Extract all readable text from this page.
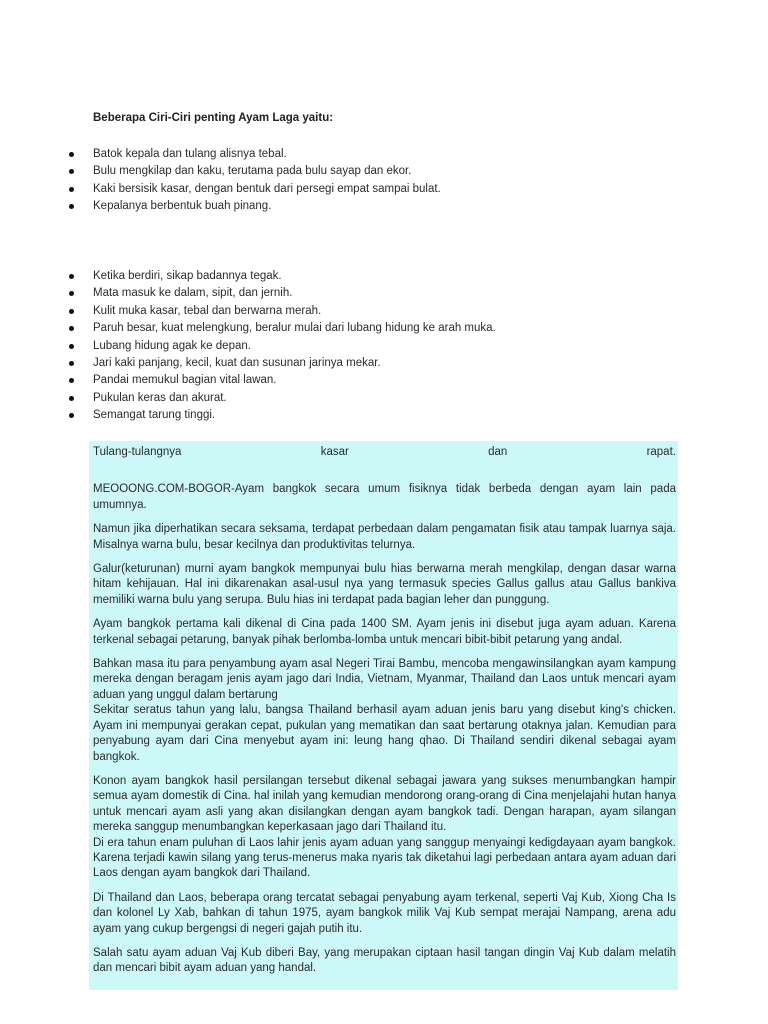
Beberapa Ciri-Ciri penting Ayam Laga yaitu:
Batok kepala dan tulang alisnya tebal.
Bulu mengkilap dan kaku, terutama pada bulu sayap dan ekor.
Kaki bersisik kasar, dengan bentuk dari persegi empat sampai bulat.
Kepalanya berbentuk buah pinang.
Ketika berdiri, sikap badannya tegak.
Mata masuk ke dalam, sipit, dan jernih.
Kulit muka kasar, tebal dan berwarna merah.
Paruh besar, kuat melengkung, beralur mulai dari lubang hidung ke arah muka.
Lubang hidung agak ke depan.
Jari kaki panjang, kecil, kuat dan susunan jarinya mekar.
Pandai memukul bagian vital lawan.
Pukulan keras dan akurat.
Semangat tarung tinggi.
Tulang-tulangnya	kasar	dan	rapat.

MEOOONG.COM-BOGOR-Ayam bangkok secara umum fisiknya tidak berbeda dengan ayam lain pada umumnya.

Namun jika diperhatikan secara seksama, terdapat perbedaan dalam pengamatan fisik atau tampak luarnya saja. Misalnya warna bulu, besar kecilnya dan produktivitas telurnya.

Galur(keturunan) murni ayam bangkok mempunyai bulu hias berwarna merah mengkilap, dengan dasar warna hitam kehijauan. Hal ini dikarenakan asal-usul nya yang termasuk species Gallus gallus atau Gallus bankiva memiliki warna bulu yang serupa. Bulu hias ini terdapat pada bagian leher dan punggung.

Ayam bangkok pertama kali dikenal di Cina pada 1400 SM. Ayam jenis ini disebut juga ayam aduan. Karena terkenal sebagai petarung, banyak pihak berlomba-lomba untuk mencari bibit-bibit petarung yang andal.

Bahkan masa itu para penyambung ayam asal Negeri Tirai Bambu, mencoba mengawinsilangkan ayam kampung mereka dengan beragam jenis ayam jago dari India, Vietnam, Myanmar, Thailand dan Laos untuk mencari ayam aduan yang unggul dalam bertarung

Sekitar seratus tahun yang lalu, bangsa Thailand berhasil ayam aduan jenis baru yang disebut king's chicken. Ayam ini mempunyai gerakan cepat, pukulan yang mematikan dan saat bertarung otaknya jalan. Kemudian para penyabung ayam dari Cina menyebut ayam ini: leung hang qhao. Di Thailand sendiri dikenal sebagai ayam bangkok.

Konon ayam bangkok hasil persilangan tersebut dikenal sebagai jawara yang sukses menumbangkan hampir semua ayam domestik di Cina. hal inilah yang kemudian mendorong orang-orang di Cina menjelajahi hutan hanya untuk mencari ayam asli yang akan disilangkan dengan ayam bangkok tadi. Dengan harapan, ayam silangan mereka sanggup menumbangkan keperkasaan jago dari Thailand itu.

Di era tahun enam puluhan di Laos lahir jenis ayam aduan yang sanggup menyaingi kedigdayaan ayam bangkok. Karena terjadi kawin silang yang terus-menerus maka nyaris tak diketahui lagi perbedaan antara ayam aduan dari Laos dengan ayam bangkok dari Thailand.

Di Thailand dan Laos, beberapa orang tercatat sebagai penyabung ayam terkenal, seperti Vaj Kub, Xiong Cha Is dan kolonel Ly Xab, bahkan di tahun 1975, ayam bangkok milik Vaj Kub sempat merajai Nampang, arena adu ayam yang cukup bergengsi di negeri gajah putih itu.

Salah satu ayam aduan Vaj Kub diberi Bay, yang merupakan ciptaan hasil tangan dingin Vaj Kub dalam melatih dan mencari bibit ayam aduan yang handal.
